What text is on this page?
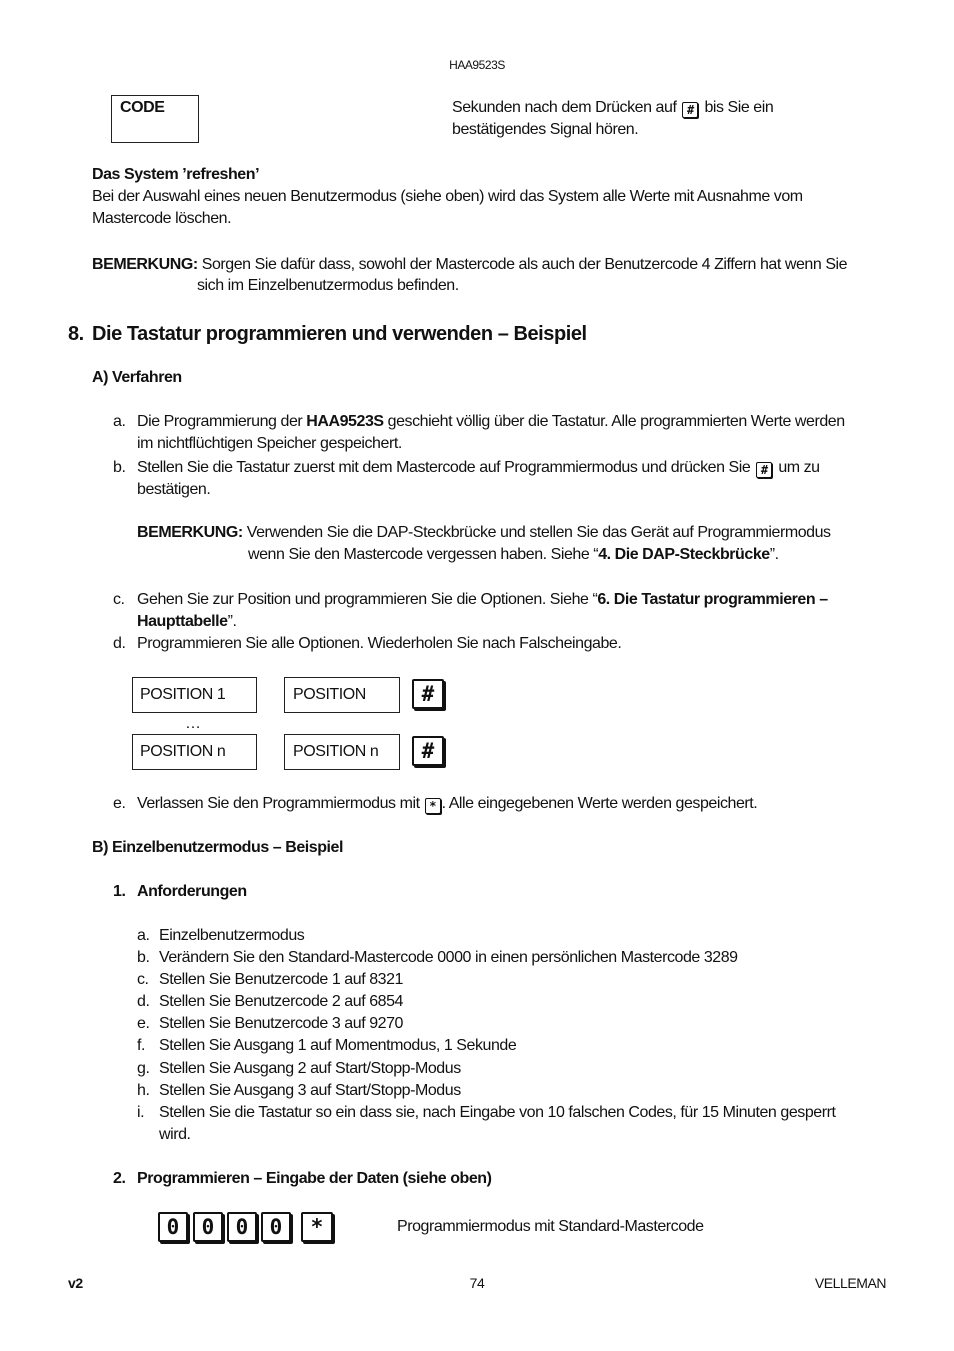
HAA9523S
CODE	Sekunden nach dem Drücken auf # bis Sie ein
bestätigendes Signal hören.
Das System ’refreshen’
Bei der Auswahl eines neuen Benutzermodus (siehe oben) wird das System alle Werte mit Ausnahme vom
Mastercode löschen.
BEMERKUNG: Sorgen Sie dafür dass, sowohl der Mastercode als auch der Benutzercode 4 Ziffern hat wenn Sie
sich im Einzelbenutzermodus befinden.
8. Die Tastatur programmieren und verwenden – Beispiel
A) Verfahren
a. Die Programmierung der HAA9523S geschieht völlig über die Tastatur. Alle programmierten Werte werden
im nichtflüchtigen Speicher gespeichert.
b. Stellen Sie die Tastatur zuerst mit dem Mastercode auf Programmiermodus und drücken Sie # um zu
bestätigen.
BEMERKUNG: Verwenden Sie die DAP-Steckbrücke und stellen Sie das Gerät auf Programmiermodus
wenn Sie den Mastercode vergessen haben. Siehe “4. Die DAP-Steckbrücke”.
c. Gehen Sie zur Position und programmieren Sie die Optionen. Siehe “6. Die Tastatur programmieren –
Haupttabelle”.
d. Programmieren Sie alle Optionen. Wiederholen Sie nach Falscheingabe.
POSITION 1	POSITION	#
…
POSITION n	POSITION n	#
e. Verlassen Sie den Programmiermodus mit * . Alle eingegebenen Werte werden gespeichert.
B) Einzelbenutzermodus – Beispiel
1. Anforderungen
a. Einzelbenutzermodus
b. Verändern Sie den Standard-Mastercode 0000 in einen persönlichen Mastercode 3289
c. Stellen Sie Benutzercode 1 auf 8321
d. Stellen Sie Benutzercode 2 auf 6854
e. Stellen Sie Benutzercode 3 auf 9270
f. Stellen Sie Ausgang 1 auf Momentmodus, 1 Sekunde
g. Stellen Sie Ausgang 2 auf Start/Stopp-Modus
h. Stellen Sie Ausgang 3 auf Start/Stopp-Modus
i. Stellen Sie die Tastatur so ein dass sie, nach Eingabe von 10 falschen Codes, für 15 Minuten gesperrt
wird.
2. Programmieren – Eingabe der Daten (siehe oben)
0	0	0	0	*	Programmiermodus mit Standard-Mastercode
v2	74	VELLEMAN
